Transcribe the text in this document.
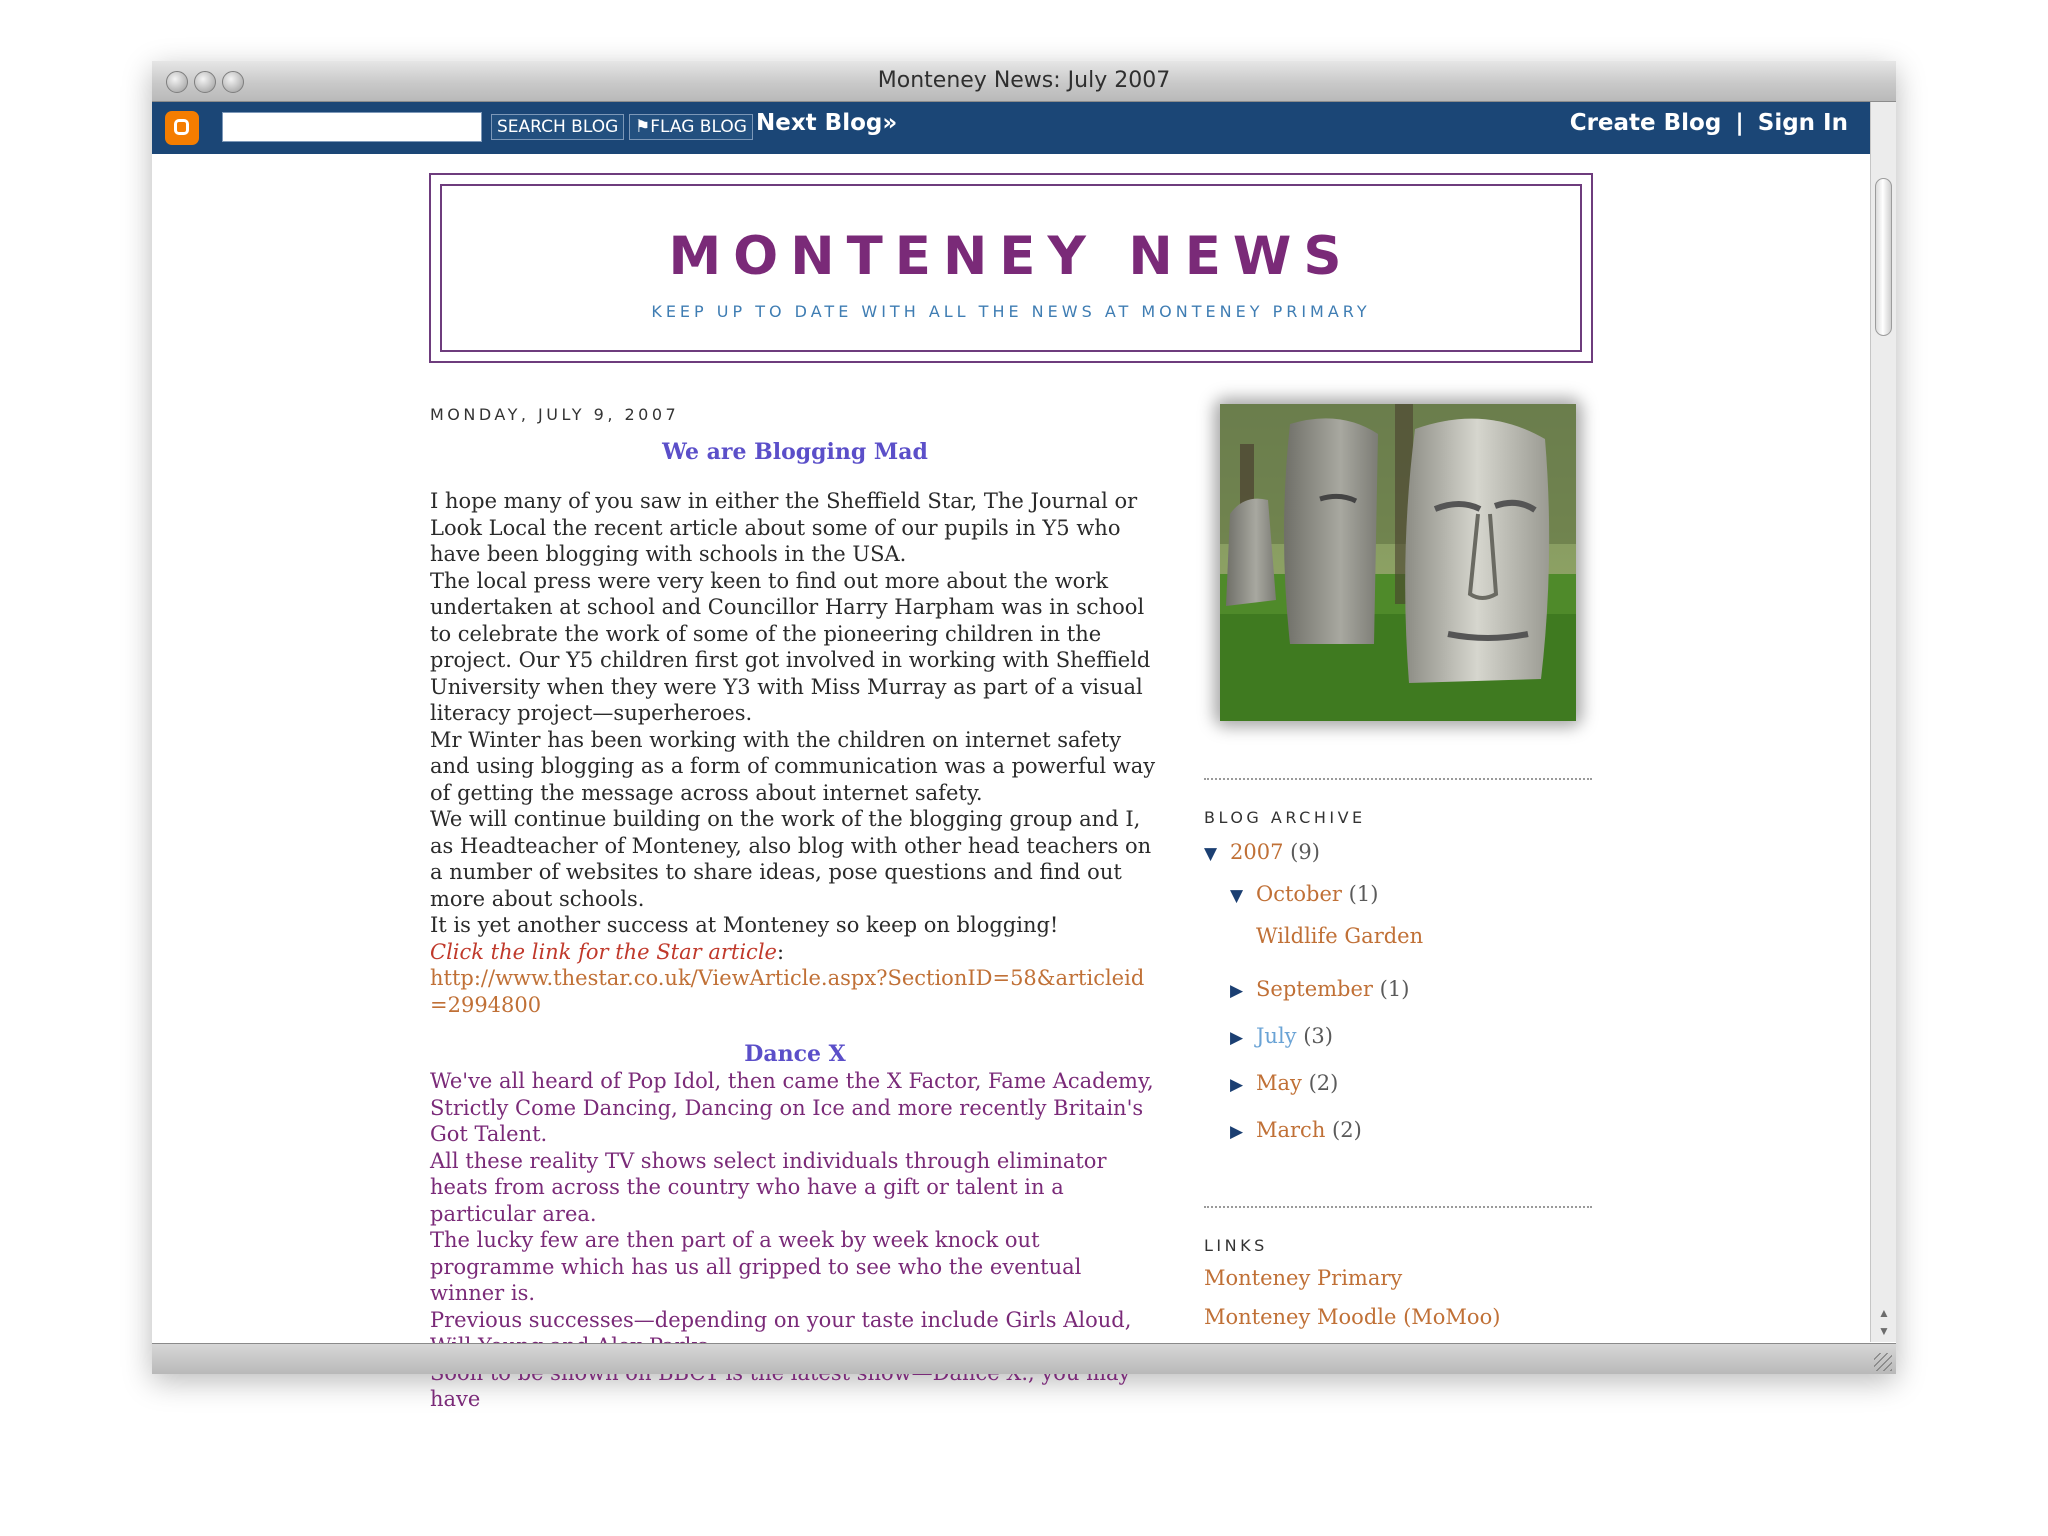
Monteney News: July 2007
SEARCH BLOG ⚑FLAG BLOG Next Blog»	Create Blog | Sign In
MONTENEY NEWS
KEEP UP TO DATE WITH ALL THE NEWS AT MONTENEY PRIMARY
MONDAY, JULY 9, 2007
We are Blogging Mad

I hope many of you saw in either the Sheffield Star, The Journal or Look Local the recent article about some of our pupils in Y5 who have been blogging with schools in the USA.

The local press were very keen to find out more about the work undertaken at school and Councillor Harry Harpham was in school to celebrate the work of some of the pioneering children in the project. Our Y5 children first got involved in working with Sheffield University when they were Y3 with Miss Murray as part of a visual literacy project—superheroes.

Mr Winter has been working with the children on internet safety and using blogging as a form of communication was a powerful way of getting the message across about internet safety.

We will continue building on the work of the blogging group and I, as Headteacher of Monteney, also blog with other head teachers on a number of websites to share ideas, pose questions and find out more about schools.

It is yet another success at Monteney so keep on blogging!

Click the link for the Star article:

http://www.thestar.co.uk/ViewArticle.aspx?SectionID=58&articleid=2994800

Dance X

We've all heard of Pop Idol, then came the X Factor, Fame Academy, Strictly Come Dancing, Dancing on Ice and more recently Britain's Got Talent.

All these reality TV shows select individuals through eliminator heats from across the country who have a gift or talent in a particular area.

The lucky few are then part of a week by week knock out programme which has us all gripped to see who the eventual winner is.

Previous successes—depending on your taste include Girls Aloud,

have

BLOG ARCHIVE
▼ 2007 (9)
▼ October (1)
Wildlife Garden
▶ September (1)
▶ July (3)
▶ May (2)
▶ March (2)
LINKS
Monteney Primary
Monteney Moodle (MoMoo)	▲
▼
